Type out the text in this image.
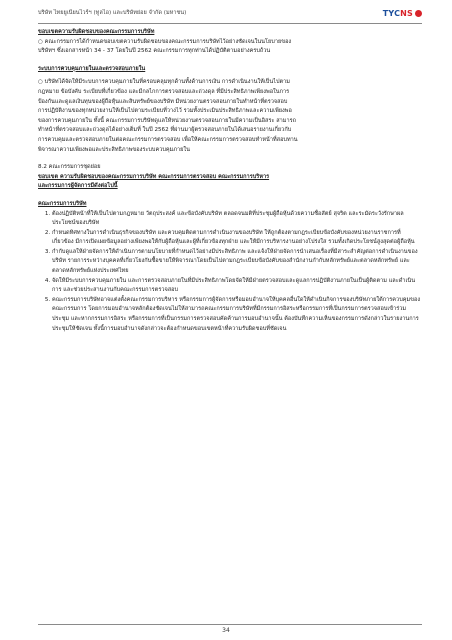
บริษัท ไทยยูเนียนไวร์ฯ (ทูลไอ) และบริษัทย่อย จำกัด (มหาชน)	TYC NS
ขอบเขตความรับผิดชอบของคณะกรรมการบริษัท
○ คณะกรรมการได้กำหนดขอบเขตความรับผิดชอบของคณะกรรมการบริษัทไว้อย่างชัดเจนในนโยบายของ
บริษัทฯ ซึ่งเอกสารหน้า 34 - 37 โดยในปี 2562 คณะกรรมการทุกท่านได้ปฏิบัติตามอย่างครบถ้วน
ระบบการควบคุมภายในและตรวจสอบภายใน
○ บริษัทได้จัดให้มีระบบการควบคุมภายในที่ครอบคลุมทุกด้านทั้งด้านการเงิน การดำเนินงานให้เป็นไปตาม
กฎหมาย ข้อบังคับ ระเบียบที่เกี่ยวข้อง และมีกลไกการตรวจสอบและถ่วงดุล ที่มีประสิทธิภาพเพียงพอในการ
ป้องกันและดูแลเงินทุนของผู้ถือหุ้นและสินทรัพย์ของบริษัท มีหน่วยงานตรวจสอบภายในทำหน้าที่ตรวจสอบ
การปฏิบัติงานของทุกหน่วยงานให้เป็นไปตามระเบียบที่วางไว้ รวมทั้งประเมินประสิทธิภาพและความเพียงพอ
ของการควบคุมภายใน ทั้งนี้ คณะกรรมการบริษัทดูแลให้หน่วยงานตรวจสอบภายในมีความเป็นอิสระ สามารถ
ทำหน้าที่ตรวจสอบและถ่วงดุลได้อย่างเต็มที่ ในปี 2562 ที่ผ่านมาผู้ตรวจสอบภายในได้เสนอรายงานเกี่ยวกับ
การควบคุมและตรวจสอบภายในต่อคณะกรรมการตรวจสอบ เพื่อให้คณะกรรมการตรวจสอบทำหน้าที่สอบทาน
พิจารณาความเพียงพอและประสิทธิภาพของระบบควบคุมภายใน
8.2 คณะกรรมการชุดย่อย
ขอบเขต ความรับผิดชอบของคณะกรรมการบริษัท คณะกรรมการตรวจสอบ คณะกรรมการบริหาร
และกรรมการผู้จัดการมีดังต่อไปนี้
คณะกรรมการบริษัท
1. ต้องปฏิบัติหน้าที่ให้เป็นไปตามกฎหมาย วัตถุประสงค์ และข้อบังคับบริษัท ตลอดจนมติที่ประชุมผู้ถือหุ้นด้วยความซื่อสัตย์ สุจริต และระมัดระวังรักษาผลประโยชน์ของบริษัท
2. กำหนดทิศทางในการดำเนินธุรกิจของบริษัท และควบคุมติดตามการดำเนินงานของบริษัท ให้ถูกต้องตามกฎระเบียบข้อบังคับของหน่วยงานราชการที่เกี่ยวข้อง มีการเปิดเผยข้อมูลอย่างเพียงพอให้กับผู้ถือหุ้นและผู้ที่เกี่ยวข้องทุกฝ่าย และให้มีการบริหารงานอย่างโปร่งใส รวมทั้งเกิดประโยชน์สูงสุดต่อผู้ถือหุ้น
3. กำกับดูแลให้ฝ่ายจัดการให้ดำเนินการตามนโยบายที่กำหนดไว้อย่างมีประสิทธิภาพ และแจ้งให้ฝ่ายจัดการนำเสนอเรื่องที่มีสาระสำคัญต่อการดำเนินงานของบริษัท รายการระหว่างบุคคลที่เกี่ยวโยงกันซื้อขายให้พิจารณาโดยเป็นไปตามกฎระเบียบข้อบังคับของสำนักงานกำกับหลักทรัพย์และตลาดหลักทรัพย์ และตลาดหลักทรัพย์แห่งประเทศไทย
4. จัดให้มีระบบการควบคุมภายใน และการตรวจสอบภายในที่มีประสิทธิภาพโดยจัดให้มีฝ่ายตรวจสอบและดูแลการปฏิบัติงานภายในเป็นผู้ติดตาม และดำเนินการ และช่วยประสานงานกับคณะกรรมการตรวจสอบ
5. คณะกรรมการบริษัทอาจแต่งตั้งคณะกรรมการบริหาร หรือกรรมการผู้จัดการหรือมอบอำนาจให้บุคคลอื่นใดให้ดำเนินกิจการของบริษัทภายใต้การควบคุมของคณะกรรมการ โดยการมอบอำนาจหลักต้องชัดเจนไม่ให้สามารถคณะกรรมการบริษัทที่มีกรรมการอิสระหรือกรรมการที่เป็นกรรมการตรวจสอบเข้าร่วมประชุม และหากกรรมการอิสระ หรือกรรมการที่เป็นกรรมการตรวจสอบคัดค้านการมอบอำนาจนั้น ต้องบันทึกความเห็นของกรรมการดังกล่าวในรายงานการประชุมให้ชัดเจน ทั้งนี้การมอบอำนาจดังกล่าวจะต้องกำหนดขอบเขตหน้าที่ความรับผิดชอบที่ชัดเจน
34
